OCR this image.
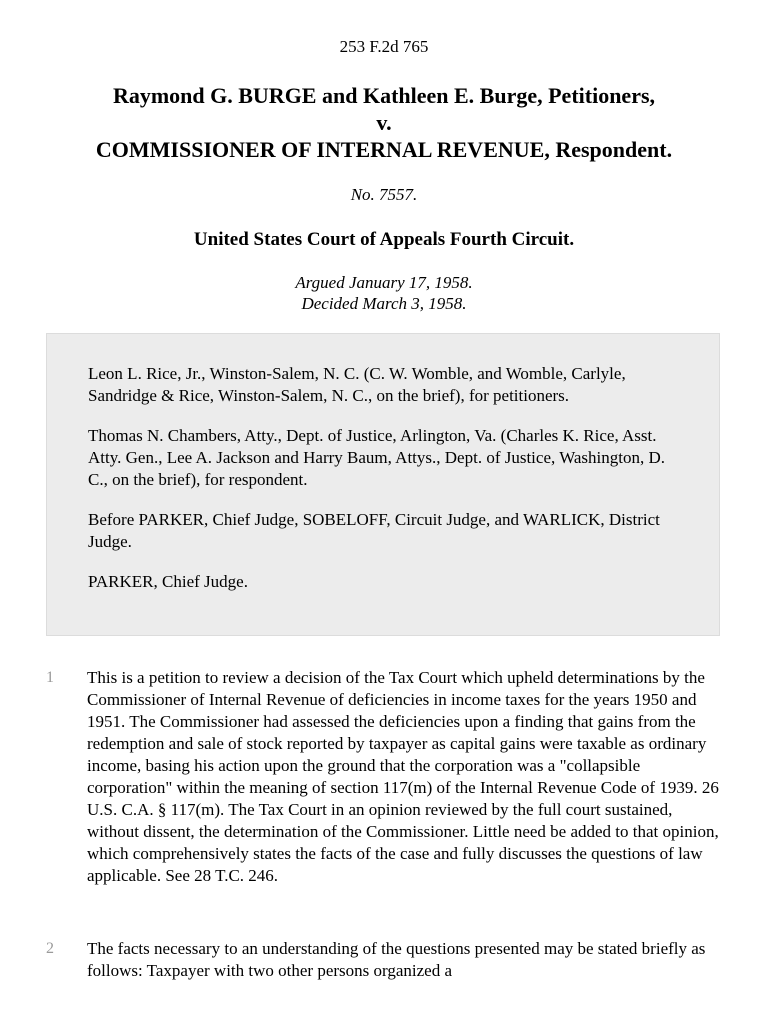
253 F.2d 765
Raymond G. BURGE and Kathleen E. Burge, Petitioners,
v.
COMMISSIONER OF INTERNAL REVENUE, Respondent.
No. 7557.
United States Court of Appeals Fourth Circuit.
Argued January 17, 1958.
Decided March 3, 1958.

Leon L. Rice, Jr., Winston-Salem, N. C. (C. W. Womble, and Womble, Carlyle, Sandridge & Rice, Winston-Salem, N. C., on the brief), for petitioners.

Thomas N. Chambers, Atty., Dept. of Justice, Arlington, Va. (Charles K. Rice, Asst. Atty. Gen., Lee A. Jackson and Harry Baum, Attys., Dept. of Justice, Washington, D. C., on the brief), for respondent.

Before PARKER, Chief Judge, SOBELOFF, Circuit Judge, and WARLICK, District Judge.

PARKER, Chief Judge.

1 This is a petition to review a decision of the Tax Court which upheld determinations by the Commissioner of Internal Revenue of deficiencies in income taxes for the years 1950 and 1951. The Commissioner had assessed the deficiencies upon a finding that gains from the redemption and sale of stock reported by taxpayer as capital gains were taxable as ordinary income, basing his action upon the ground that the corporation was a "collapsible corporation" within the meaning of section 117(m) of the Internal Revenue Code of 1939. 26 U.S. C.A. § 117(m). The Tax Court in an opinion reviewed by the full court sustained, without dissent, the determination of the Commissioner. Little need be added to that opinion, which comprehensively states the facts of the case and fully discusses the questions of law applicable. See 28 T.C. 246.

2 The facts necessary to an understanding of the questions presented may be stated briefly as follows: Taxpayer with two other persons organized a
